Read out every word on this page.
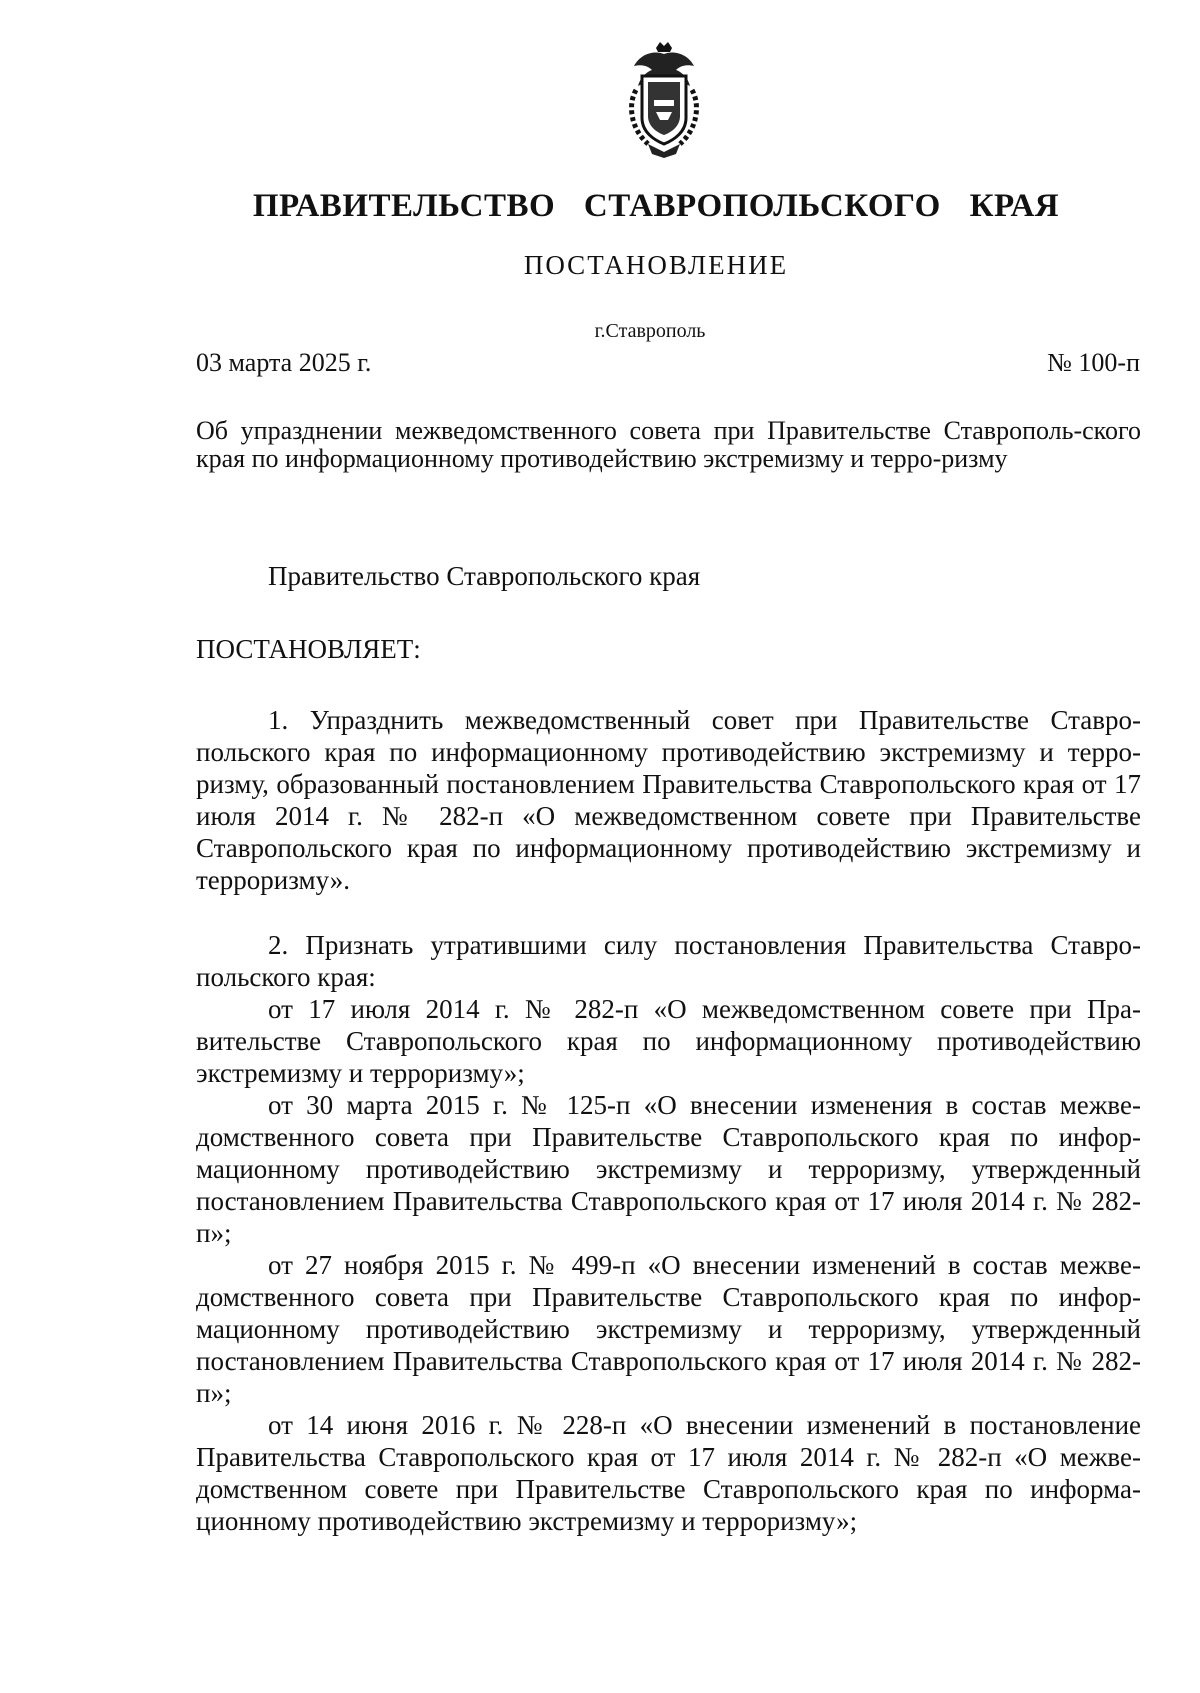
ПРАВИТЕЛЬСТВО СТАВРОПОЛЬСКОГО КРАЯ
ПОСТАНОВЛЕНИЕ
г.Ставрополь
03 марта 2025 г.	№ 100-п
Об упразднении межведомственного совета при Правительстве Ставрополь-ского края по информационному противодействию экстремизму и терро-ризму

Правительство Ставропольского края

ПОСТАНОВЛЯЕТ:

1. Упразднить межведомственный совет при Правительстве Ставро-польского края по информационному противодействию экстремизму и терро-ризму, образованный постановлением Правительства Ставропольского края от 17 июля 2014 г. № 282-п «О межведомственном совете при Правительстве Ставропольского края по информационному противодействию экстремизму и терроризму».

2. Признать утратившими силу постановления Правительства Ставро-польского края:

от 17 июля 2014 г. № 282-п «О межведомственном совете при Пра-вительстве Ставропольского края по информационному противодействию экстремизму и терроризму»;

от 30 марта 2015 г. № 125-п «О внесении изменения в состав межве-домственного совета при Правительстве Ставропольского края по инфор-мационному противодействию экстремизму и терроризму, утвержденный постановлением Правительства Ставропольского края от 17 июля 2014 г. № 282-п»;

от 27 ноября 2015 г. № 499-п «О внесении изменений в состав межве-домственного совета при Правительстве Ставропольского края по инфор-мационному противодействию экстремизму и терроризму, утвержденный постановлением Правительства Ставропольского края от 17 июля 2014 г. № 282-п»;

от 14 июня 2016 г. № 228-п «О внесении изменений в постановление Правительства Ставропольского края от 17 июля 2014 г. № 282-п «О межве-домственном совете при Правительстве Ставропольского края по информа-ционному противодействию экстремизму и терроризму»;
